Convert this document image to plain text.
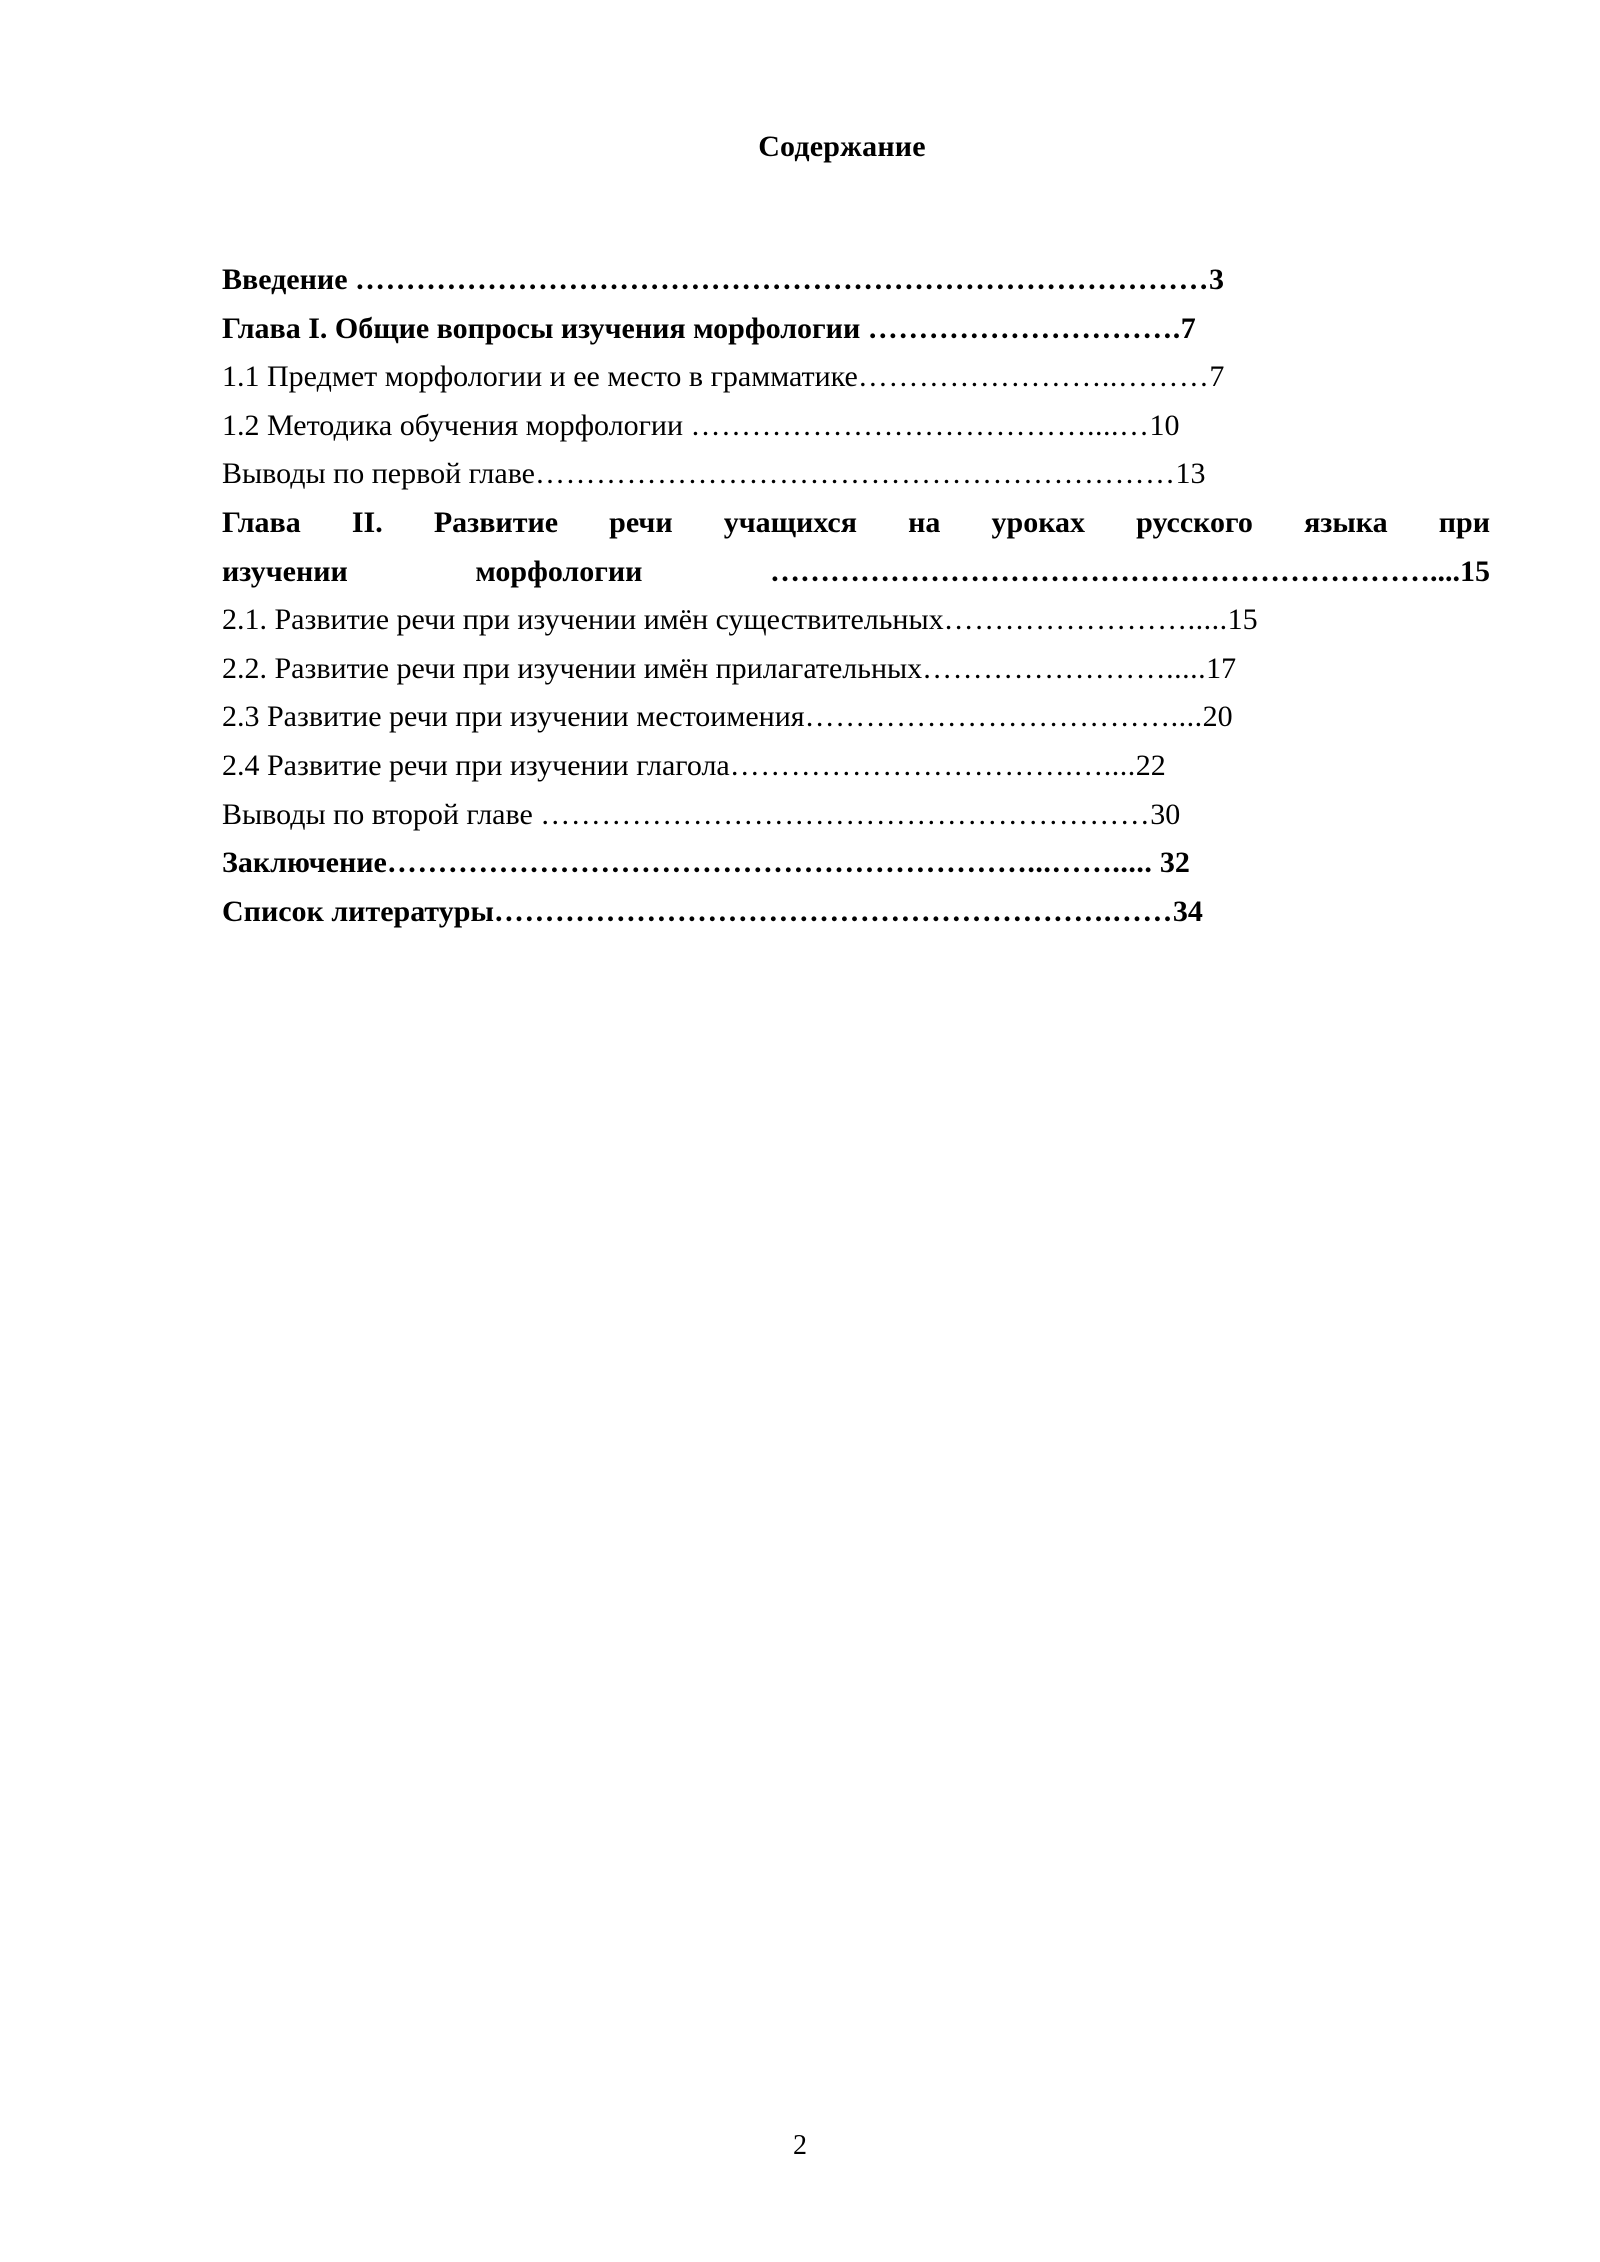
Содержание
Введение …………………………………………………………………………3
Глава I. Общие вопросы изучения морфологии ………………………….7
1.1 Предмет морфологии и ее место в грамматике……………………..………7
1.2 Методика обучения морфологии …………………………………....…10
Выводы по первой главе………………………………………………………13
Глава II. Развитие речи учащихся на уроках русского языка при
изучении морфологии …………………………………………………………....15
2.1. Развитие речи при изучении имён существительных…………………….....15
2.2. Развитие речи при изучении имён прилагательных…………………….....17
2.3 Развитие речи при изучении местоимения………………………………....20
2.4 Развитие речи при изучении глагола…………………………….…....22
Выводы по второй главе ……………………………………………………30
Заключение………………………………………………………...……..... 32
Список литературы…………………………………………………….……34
2
